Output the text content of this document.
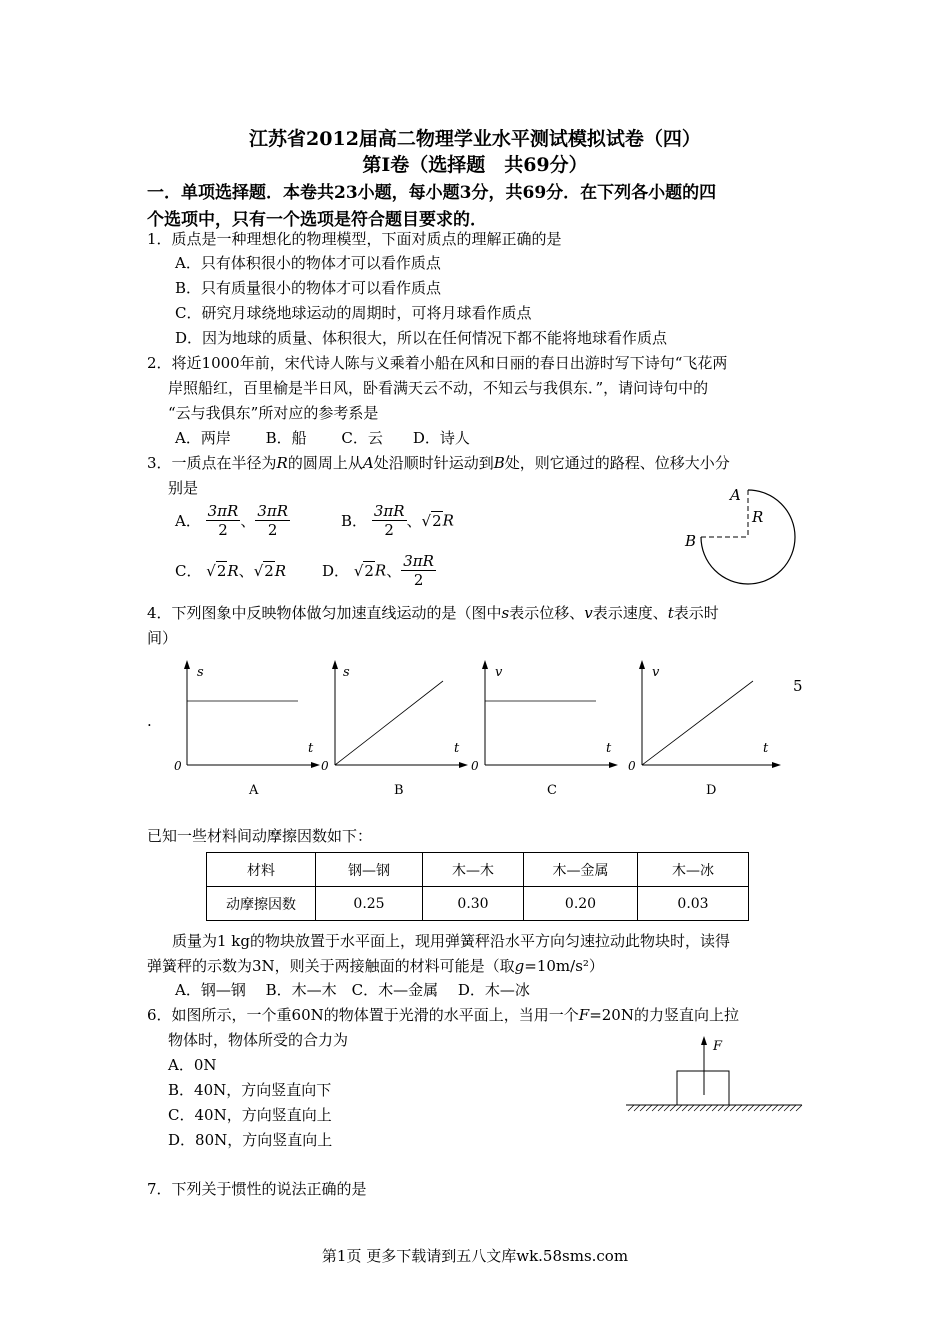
江苏省2012届高二物理学业水平测试模拟试卷（四）
第Ⅰ卷（选择题　共69分）
一．单项选择题．本卷共23小题，每小题3分，共69分．在下列各小题的四
个选项中，只有一个选项是符合题目要求的．
1．质点是一种理想化的物理模型，下面对质点的理解正确的是
A．只有体积很小的物体才可以看作质点
B．只有质量很小的物体才可以看作质点
C．研究月球绕地球运动的周期时，可将月球看作质点
D．因为地球的质量、体积很大，所以在任何情况下都不能将地球看作质点
2．将近1000年前，宋代诗人陈与义乘着小船在风和日丽的春日出游时写下诗句“飞花两
岸照船红，百里榆是半日风，卧看满天云不动，不知云与我俱东．”，请问诗句中的
“云与我俱东”所对应的参考系是
A．两岸　　 B．船　　 C．云　　D．诗人
3．一质点在半径为R的圆周上从A处沿顺时针运动到B处，则它通过的路程、位移大小分
别是
A． $\frac{3\pi R}{2}$ 、 $\frac{3\pi R}{2}$	B． $\frac{3\pi R}{2}$ 、√2R
C． √2R、√2R D． √2R、 $\frac{3\pi R}{2}$
A
R
B
4．下列图象中反映物体做匀加速直线运动的是（图中s表示位移、v表示速度、t表示时
间）
5
.
s
t
0
A
s
t
0
B
v
t
0
C
v
t
0
D
已知一些材料间动摩擦因数如下：
材料	钢—钢	木—木	木—金属	木—冰
动摩擦因数	0.25	0.30	0.20	0.03
质量为1 kg的物块放置于水平面上，现用弹簧秤沿水平方向匀速拉动此物块时，读得
弹簧秤的示数为3N，则关于两接触面的材料可能是（取g=10m/s²）
A．钢—钢　 B．木—木　C．木—金属　 D．木—冰
6．如图所示，一个重60N的物体置于光滑的水平面上，当用一个F=20N的力竖直向上拉
物体时，物体所受的合力为
A．0N
B．40N，方向竖直向下
C．40N，方向竖直向上
D．80N，方向竖直向上
F
7．下列关于惯性的说法正确的是
第1页 更多下载请到五八文库wk.58sms.com
